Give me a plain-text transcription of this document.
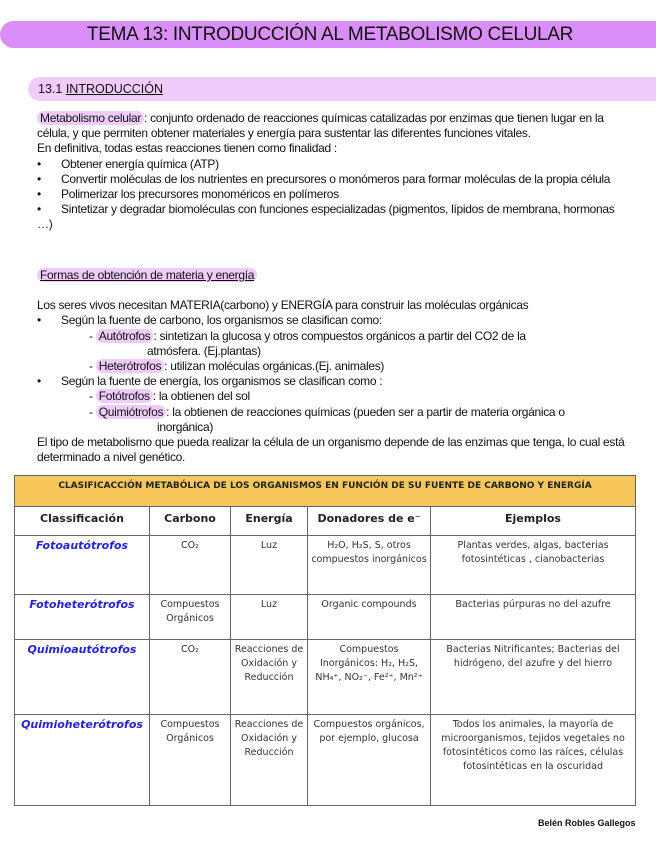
TEMA 13: INTRODUCCIÓN AL METABOLISMO CELULAR
13.1 INTRODUCCIÓN
Metabolismo celular : conjunto ordenado de reacciones químicas catalizadas por enzimas que tienen lugar en la célula, y que permiten obtener materiales y energía para sustentar las diferentes funciones vitales.
En definitiva, todas estas reacciones tienen como finalidad :
• Obtener energía química (ATP)
• Convertir moléculas de los nutrientes en precursores o monómeros para formar moléculas de la propia célula
• Polimerizar los precursores monoméricos en polímeros
• Sintetizar y degradar biomoléculas con funciones especializadas (pigmentos, lípidos de membrana, hormonas …)
Formas de obtención de materia y energía
Los seres vivos necesitan MATERIA(carbono) y ENERGÍA para construir las moléculas orgánicas
• Según la fuente de carbono, los organismos se clasifican como:
- Autótrofos : sintetizan la glucosa y otros compuestos orgánicos a partir del CO2 de la
atmósfera. (Ej.plantas)
- Heterótrofos : utilizan moléculas orgánicas.(Ej. animales)
• Según la fuente de energía, los organismos se clasifican como :
- Fotótrofos : la obtienen del sol
- Quimiótrofos : la obtienen de reacciones químicas (pueden ser a partir de materia orgánica o
inorgánica)
El tipo de metabolismo que pueda realizar la célula de un organismo depende de las enzimas que tenga, lo cual está determinado a nivel genético.
CLASIFICACCIÓN METABÓLICA DE LOS ORGANISMOS EN FUNCIÓN DE SU FUENTE DE CARBONO Y ENERGÍA				
Classificación	Carbono	Energía	Donadores de e⁻	Ejemplos
Fotoautótrofos	CO₂	Luz	H₂O, H₂S, S, otros compuestos inorgánicos	Plantas verdes, algas, bacterias fotosintéticas , cianobacterias
Fotoheterótrofos	Compuestos Orgánicos	Luz	Organic compounds	Bacterias púrpuras no del azufre
Quimioautótrofos	CO₂	Reacciones de Oxidación y Reducción	Compuestos Inorgánicos: H₂, H₂S, NH₄⁺, NO₂⁻, Fe²⁺, Mn²⁺	Bacterias Nitrificantes; Bacterias del hidrógeno, del azufre y del hierro
Quimioheterótrofos	Compuestos Orgánicos	Reacciones de Oxidación y Reducción	Compuestos orgánicos, por ejemplo, glucosa	Todos los animales, la mayoría de microorganismos, tejidos vegetales no fotosintéticos como las raíces, células fotosintéticas en la oscuridad
Belén Robles Gallegos
